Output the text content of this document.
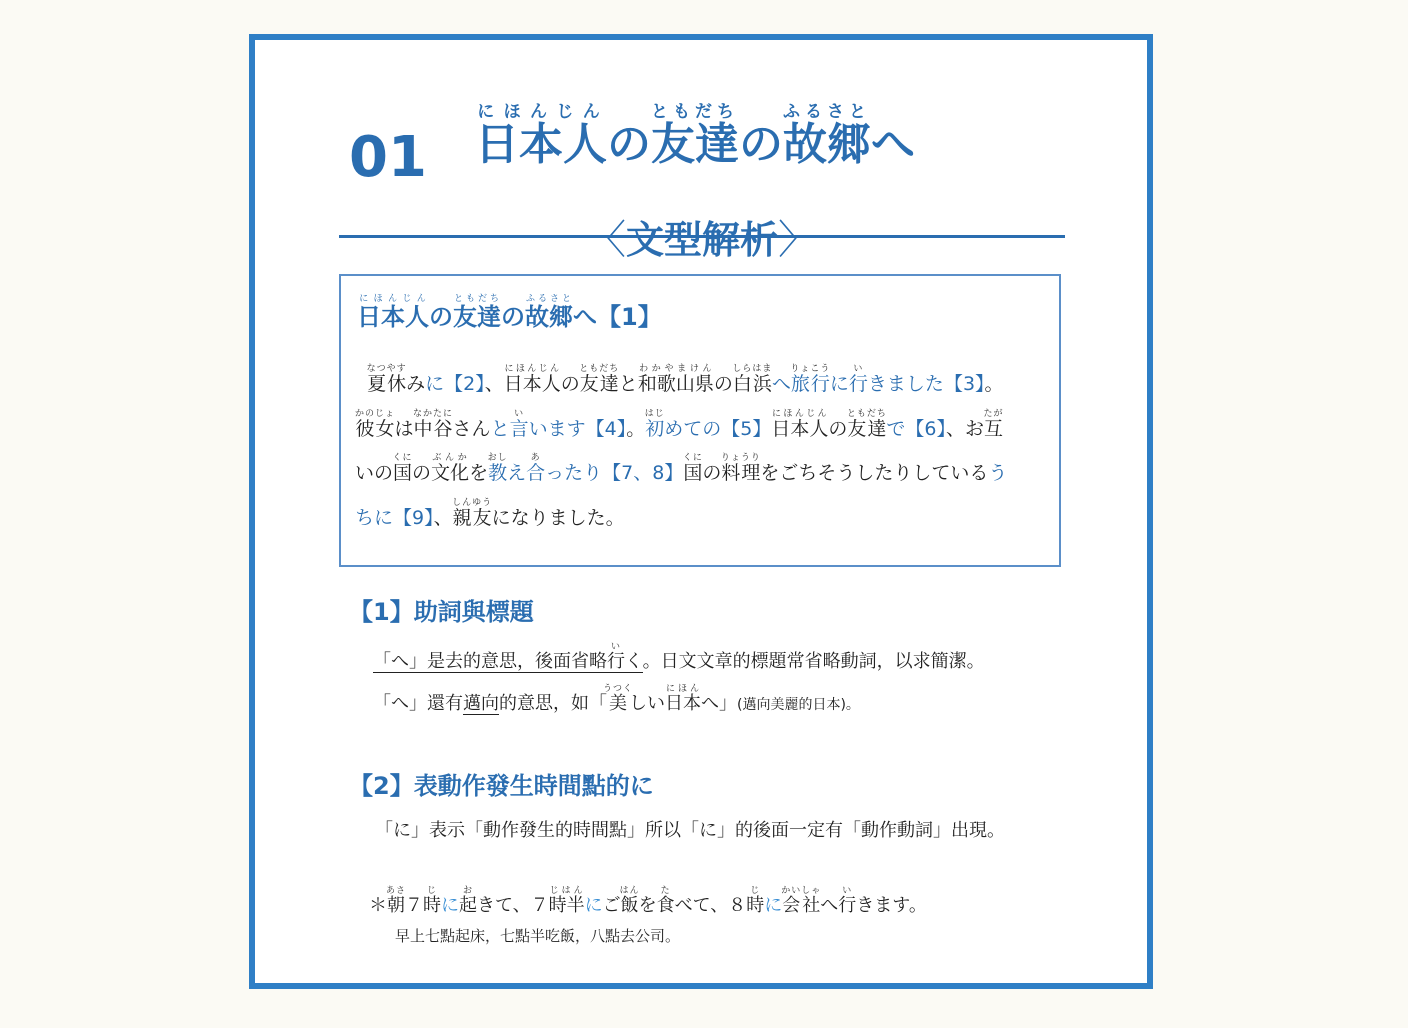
01 日本人にほんじんの友達ともだちの故郷ふるさとへ
〈文型解析〉
日本人にほんじんの友達ともだちの故郷ふるさとへ【1】

夏休なつやすみに【2】、日本人にほんじんの友達ともだちと和歌山県わかやまけんの白浜しらはまへ旅行りょこうに行いきました【3】。

彼女かのじょは中谷なかたにさんと言いいます【4】。初はじめての【5】日本人にほんじんの友達ともだちで【6】、お互たが

いの国くにの文化ぶんかを教おしえ合あったり【7、8】国くにの料理りょうりをごちそうしたりしているう

ちに【9】、親友しんゆうになりました。

【1】助詞與標題
「へ」是去的意思，後面省略行いく。日文文章的標題常省略動詞，以求簡潔。
「へ」還有邁向的意思，如「美うつくしい日本にほんへ」(邁向美麗的日本)。
【2】表動作發生時間點的に
「に」表示「動作發生的時間點」所以「に」的後面一定有「動作動詞」出現。
＊朝あさ７時じに起おきて、７時半じはんにご飯はんを食たべて、８時じに会社かいしゃへ行いきます。
早上七點起床，七點半吃飯，八點去公司。
